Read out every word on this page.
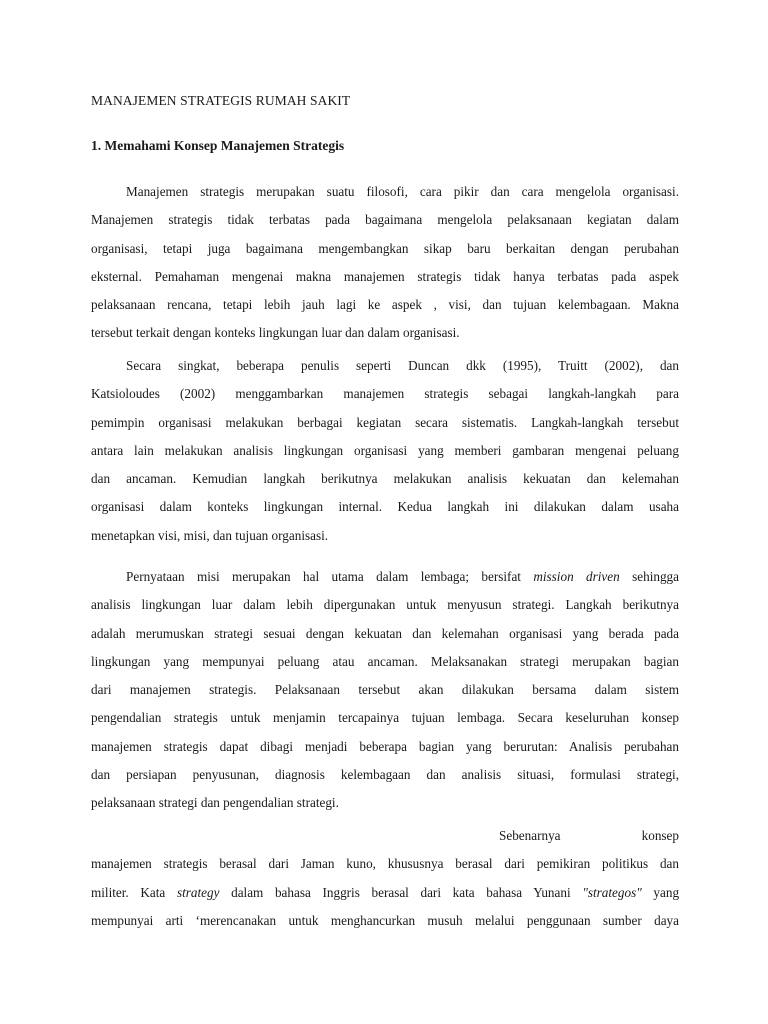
MANAJEMEN STRATEGIS RUMAH SAKIT
1. Memahami Konsep Manajemen Strategis
Manajemen strategis merupakan suatu filosofi, cara pikir dan cara mengelola organisasi.
Manajemen strategis tidak terbatas pada bagaimana mengelola pelaksanaan kegiatan dalam
organisasi, tetapi juga bagaimana mengembangkan sikap baru berkaitan dengan perubahan
eksternal. Pemahaman mengenai makna manajemen strategis tidak hanya terbatas pada aspek
pelaksanaan rencana, tetapi lebih jauh lagi ke aspek , visi, dan tujuan kelembagaan. Makna
tersebut terkait dengan konteks lingkungan luar dan dalam organisasi.
Secara singkat, beberapa penulis seperti Duncan dkk (1995), Truitt (2002), dan
Katsioloudes (2002) menggambarkan manajemen strategis sebagai langkah-langkah para
pemimpin organisasi melakukan berbagai kegiatan secara sistematis. Langkah-langkah tersebut
antara lain melakukan analisis lingkungan organisasi yang memberi gambaran mengenai peluang
dan ancaman. Kemudian langkah berikutnya melakukan analisis kekuatan dan kelemahan
organisasi dalam konteks lingkungan internal. Kedua langkah ini dilakukan dalam usaha
menetapkan visi, misi, dan tujuan organisasi.
Pernyataan misi merupakan hal utama dalam lembaga; bersifat mission driven sehingga
analisis lingkungan luar dalam lebih dipergunakan untuk menyusun strategi. Langkah berikutnya
adalah merumuskan strategi sesuai dengan kekuatan dan kelemahan organisasi yang berada pada
lingkungan yang mempunyai peluang atau ancaman. Melaksanakan strategi merupakan bagian
dari manajemen strategis. Pelaksanaan tersebut akan dilakukan bersama dalam sistem
pengendalian strategis untuk menjamin tercapainya tujuan lembaga. Secara keseluruhan konsep
manajemen strategis dapat dibagi menjadi beberapa bagian yang berurutan: Analisis perubahan
dan persiapan penyusunan, diagnosis kelembagaan dan analisis situasi, formulasi strategi,
pelaksanaan strategi dan pengendalian strategi.
Sebenarnya	konsep
manajemen strategis berasal dari Jaman kuno, khususnya berasal dari pemikiran politikus dan
militer. Kata strategy dalam bahasa Inggris berasal dari kata bahasa Yunani "strategos" yang
mempunyai arti ‘merencanakan untuk menghancurkan musuh melalui penggunaan sumber daya
